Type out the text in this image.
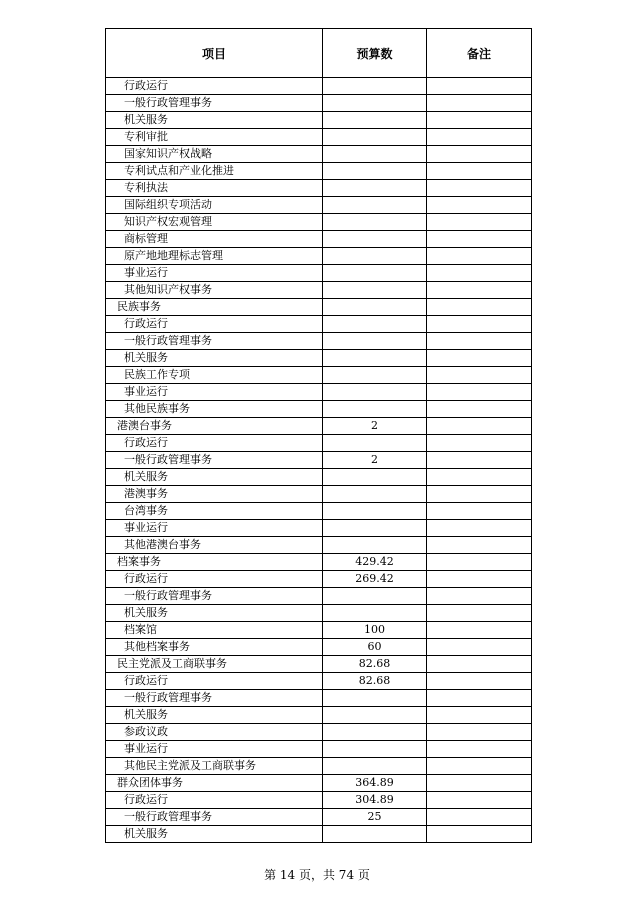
项目	预算数	备注
行政运行		
一般行政管理事务		
机关服务		
专利审批		
国家知识产权战略		
专利试点和产业化推进		
专利执法		
国际组织专项活动		
知识产权宏观管理		
商标管理		
原产地地理标志管理		
事业运行		
其他知识产权事务		
民族事务		
行政运行		
一般行政管理事务		
机关服务		
民族工作专项		
事业运行		
其他民族事务		
港澳台事务	2	
行政运行		
一般行政管理事务	2	
机关服务		
港澳事务		
台湾事务		
事业运行		
其他港澳台事务		
档案事务	429.42	
行政运行	269.42	
一般行政管理事务		
机关服务		
档案馆	100	
其他档案事务	60	
民主党派及工商联事务	82.68	
行政运行	82.68	
一般行政管理事务		
机关服务		
参政议政		
事业运行		
其他民主党派及工商联事务		
群众团体事务	364.89	
行政运行	304.89	
一般行政管理事务	25	
机关服务		
第 14 页，共 74 页
